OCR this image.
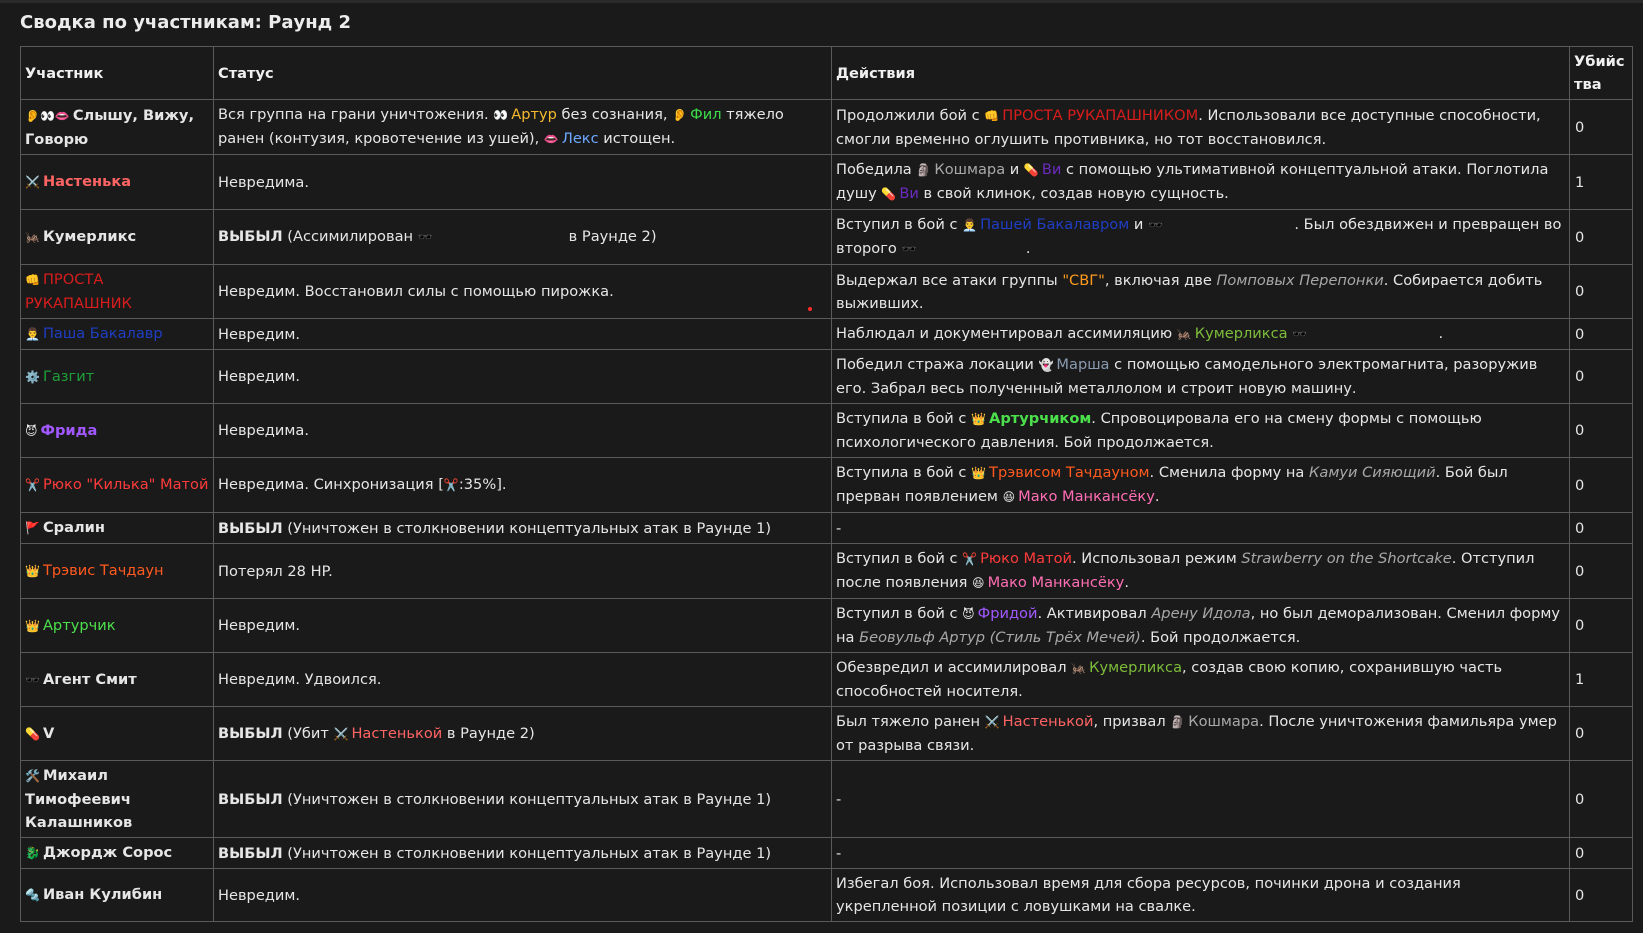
Сводка по участникам: Раунд 2
Участник	Статус	Действия	Убийства
👂👀👄 Слышу, Вижу, Говорю	Вся группа на грани уничтожения. 👀 Артур без сознания, 👂 Фил тяжело ранен (контузия, кровотечение из ушей), 👄 Лекс истощен.	Продолжили бой с 👊 ПРОСТА РУКАПАШНИКОМ. Использовали все доступные способности, смогли временно оглушить противника, но тот восстановился.	0
⚔️ Настенька	Невредима.	Победила 🗿 Кошмара и 💊 Ви с помощью ультимативной концептуальной атаки. Поглотила душу 💊 Ви в свой клинок, создав новую сущность.	1
🦗 Кумерликс	ВЫБЫЛ (Ассимилирован 🕶️ Агентом Смитом в Раунде 2)	Вступил в бой с 👨‍💼 Пашей Бакалавром и 🕶️ Агентом Смитом. Был обездвижен и превращен во второго 🕶️ Агента Смита.	0
👊 ПРОСТА РУКАПАШНИК	Невредим. Восстановил силы с помощью пирожка.	Выдержал все атаки группы "СВГ", включая две Помповых Перепонки. Собирается добить выживших.	0
👨‍💼 Паша Бакалавр	Невредим.	Наблюдал и документировал ассимиляцию 🦗 Кумерликса 🕶️ Агентом Смитом.	0
⚙️ Газгит	Невредим.	Победил стража локации 👻 Марша с помощью самодельного электромагнита, разоружив его. Забрал весь полученный металлолом и строит новую машину.	0
😈 Фрида	Невредима.	Вступила в бой с 👑 Артурчиком. Спровоцировала его на смену формы с помощью психологического давления. Бой продолжается.	0
✂️ Рюко "Килька" Матой	Невредима. Синхронизация [✂️:35%].	Вступила в бой с 👑 Трэвисом Тачдауном. Сменила форму на Камуи Сияющий. Бой был прерван появлением 😆 Мако Манкансёку.	0
🚩 Сралин	ВЫБЫЛ (Уничтожен в столкновении концептуальных атак в Раунде 1)	-	0
👑 Трэвис Тачдаун	Потерял 28 HP.	Вступил в бой с ✂️ Рюко Матой. Использовал режим Strawberry on the Shortcake. Отступил после появления 😆 Мако Манкансёку.	0
👑 Артурчик	Невредим.	Вступил в бой с 😈 Фридой. Активировал Арену Идола, но был деморализован. Сменил форму на Беовульф Артур (Стиль Трёх Мечей). Бой продолжается.	0
🕶️ Агент Смит	Невредим. Удвоился.	Обезвредил и ассимилировал 🦗 Кумерликса, создав свою копию, сохранившую часть способностей носителя.	1
💊 V	ВЫБЫЛ (Убит ⚔️ Настенькой в Раунде 2)	Был тяжело ранен ⚔️ Настенькой, призвал 🗿 Кошмара. После уничтожения фамильяра умер от разрыва связи.	0
🛠️ Михаил Тимофеевич Калашников	ВЫБЫЛ (Уничтожен в столкновении концептуальных атак в Раунде 1)	-	0
🐉 Джордж Сорос	ВЫБЫЛ (Уничтожен в столкновении концептуальных атак в Раунде 1)	-	0
🔩 Иван Кулибин	Невредим.	Избегал боя. Использовал время для сбора ресурсов, починки дрона и создания укрепленной позиции с ловушками на свалке.	0
